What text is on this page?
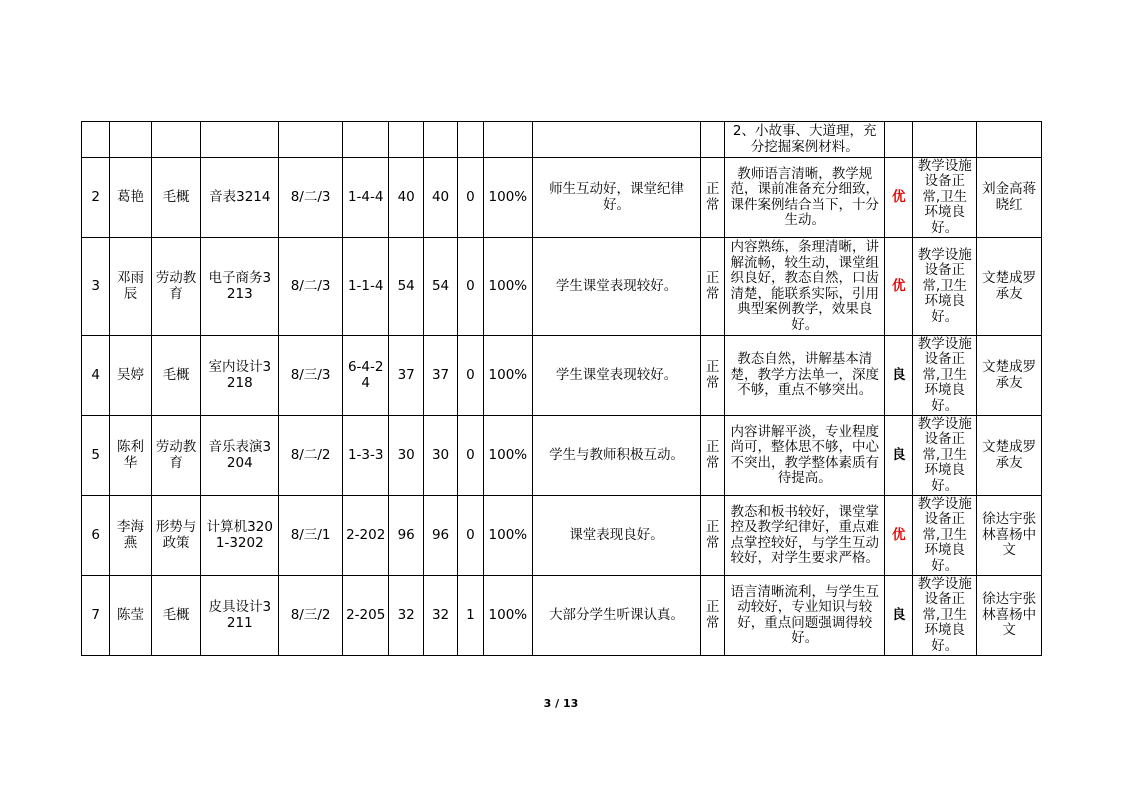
												2、小故事、大道理，充分挖掘案例材料。			
2	葛艳	毛概	音表3214	8/二/3	1-4-4	40	40	0	100%	师生互动好，课堂纪律好。	正常	教师语言清晰，教学规范，课前准备充分细致，课件案例结合当下，十分生动。	优	教学设施设备正常,卫生环境良好。	刘金高蒋晓红
3	邓雨辰	劳动教育	电子商务3213	8/二/3	1-1-4	54	54	0	100%	学生课堂表现较好。	正常	内容熟练，条理清晰，讲解流畅，较生动，课堂组织良好，教态自然，口齿清楚，能联系实际，引用典型案例教学，效果良好。	优	教学设施设备正常,卫生环境良好。	文楚成罗承友
4	吴婷	毛概	室内设计3218	8/三/3	6-4-24	37	37	0	100%	学生课堂表现较好。	正常	教态自然，讲解基本清楚，教学方法单一，深度不够，重点不够突出。	良	教学设施设备正常,卫生环境良好。	文楚成罗承友
5	陈利华	劳动教育	音乐表演3204	8/二/2	1-3-3	30	30	0	100%	学生与教师积极互动。	正常	内容讲解平淡，专业程度尚可，整体思不够，中心不突出，教学整体素质有待提高。	良	教学设施设备正常,卫生环境良好。	文楚成罗承友
6	李海燕	形势与政策	计算机3201-3202	8/三/1	2-202	96	96	0	100%	课堂表现良好。	正常	教态和板书较好，课堂掌控及教学纪律好，重点难点掌控较好，与学生互动较好，对学生要求严格。	优	教学设施设备正常,卫生环境良好。	徐达宇张林喜杨中文
7	陈莹	毛概	皮具设计3211	8/三/2	2-205	32	32	1	100%	大部分学生听课认真。	正常	语言清晰流利，与学生互动较好，专业知识与较好，重点问题强调得较好。	良	教学设施设备正常,卫生环境良好。	徐达宇张林喜杨中文
3 / 13
